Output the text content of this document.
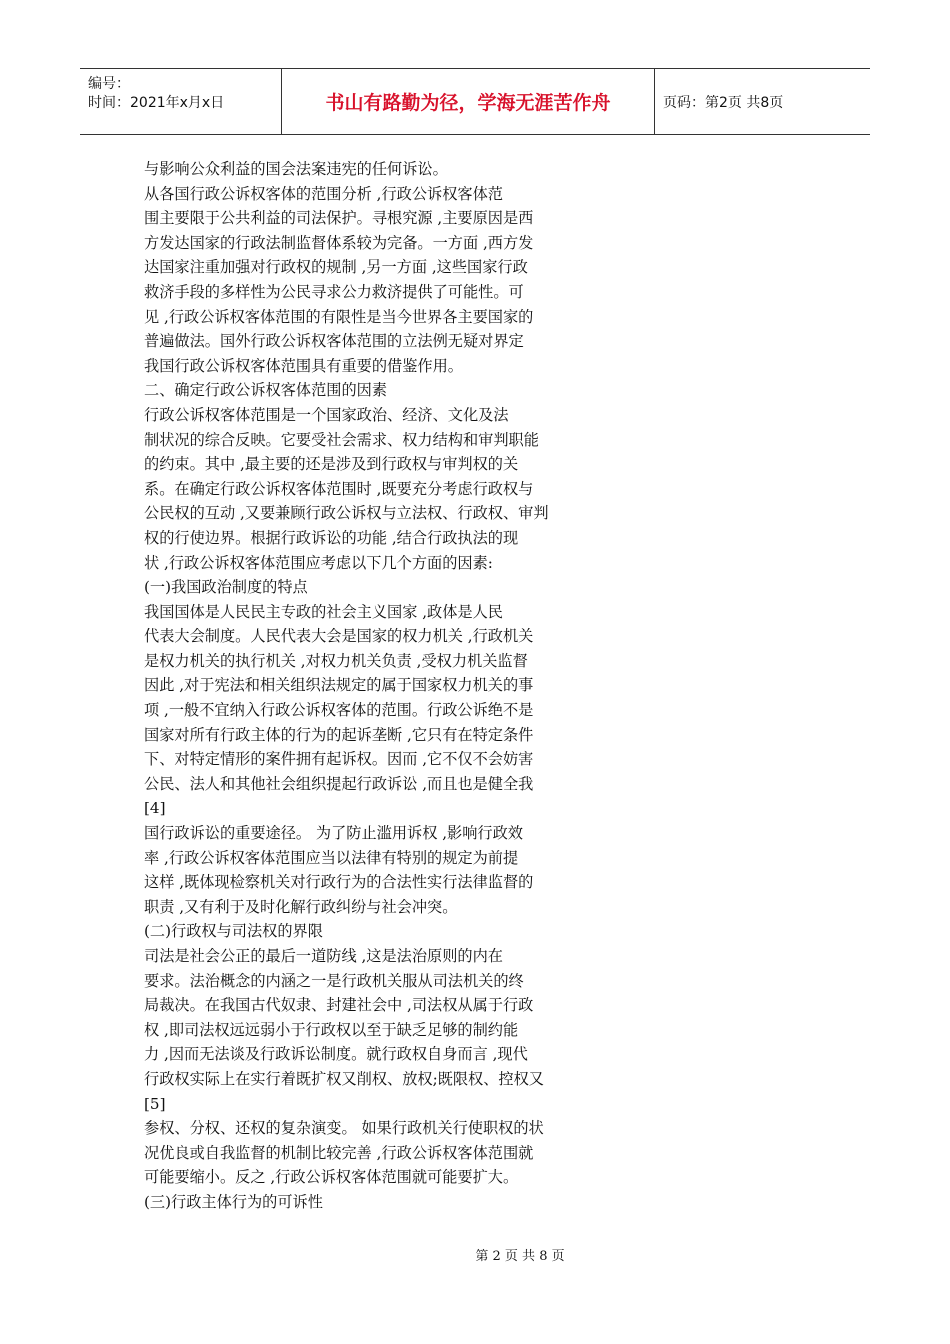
编号：
时间：2021年x月x日	书山有路勤为径，学海无涯苦作舟	页码：第2页 共8页
与影响公众利益的国会法案违宪的任何诉讼。
从各国行政公诉权客体的范围分析 ,行政公诉权客体范
围主要限于公共利益的司法保护。寻根究源 ,主要原因是西
方发达国家的行政法制监督体系较为完备。一方面 ,西方发
达国家注重加强对行政权的规制 ,另一方面 ,这些国家行政
救济手段的多样性为公民寻求公力救济提供了可能性。可
见 ,行政公诉权客体范围的有限性是当今世界各主要国家的
普遍做法。国外行政公诉权客体范围的立法例无疑对界定
我国行政公诉权客体范围具有重要的借鉴作用。
二、确定行政公诉权客体范围的因素
行政公诉权客体范围是一个国家政治、经济、文化及法
制状况的综合反映。它要受社会需求、权力结构和审判职能
的约束。其中 ,最主要的还是涉及到行政权与审判权的关
系。在确定行政公诉权客体范围时 ,既要充分考虑行政权与
公民权的互动 ,又要兼顾行政公诉权与立法权、行政权、审判
权的行使边界。根据行政诉讼的功能 ,结合行政执法的现
状 ,行政公诉权客体范围应考虑以下几个方面的因素:
(一)我国政治制度的特点
我国国体是人民民主专政的社会主义国家 ,政体是人民
代表大会制度。人民代表大会是国家的权力机关 ,行政机关
是权力机关的执行机关 ,对权力机关负责 ,受权力机关监督
因此 ,对于宪法和相关组织法规定的属于国家权力机关的事
项 ,一般不宜纳入行政公诉权客体的范围。行政公诉绝不是
国家对所有行政主体的行为的起诉垄断 ,它只有在特定条件
下、对特定情形的案件拥有起诉权。因而 ,它不仅不会妨害
公民、法人和其他社会组织提起行政诉讼 ,而且也是健全我
[4]
国行政诉讼的重要途径。 为了防止滥用诉权 ,影响行政效
率 ,行政公诉权客体范围应当以法律有特别的规定为前提
这样 ,既体现检察机关对行政行为的合法性实行法律监督的
职责 ,又有利于及时化解行政纠纷与社会冲突。
(二)行政权与司法权的界限
司法是社会公正的最后一道防线 ,这是法治原则的内在
要求。法治概念的内涵之一是行政机关服从司法机关的终
局裁决。在我国古代奴隶、封建社会中 ,司法权从属于行政
权 ,即司法权远远弱小于行政权以至于缺乏足够的制约能
力 ,因而无法谈及行政诉讼制度。就行政权自身而言 ,现代
行政权实际上在实行着既扩权又削权、放权;既限权、控权又
[5]
参权、分权、还权的复杂演变。 如果行政机关行使职权的状
况优良或自我监督的机制比较完善 ,行政公诉权客体范围就
可能要缩小。反之 ,行政公诉权客体范围就可能要扩大。
(三)行政主体行为的可诉性
第 2 页 共 8 页
